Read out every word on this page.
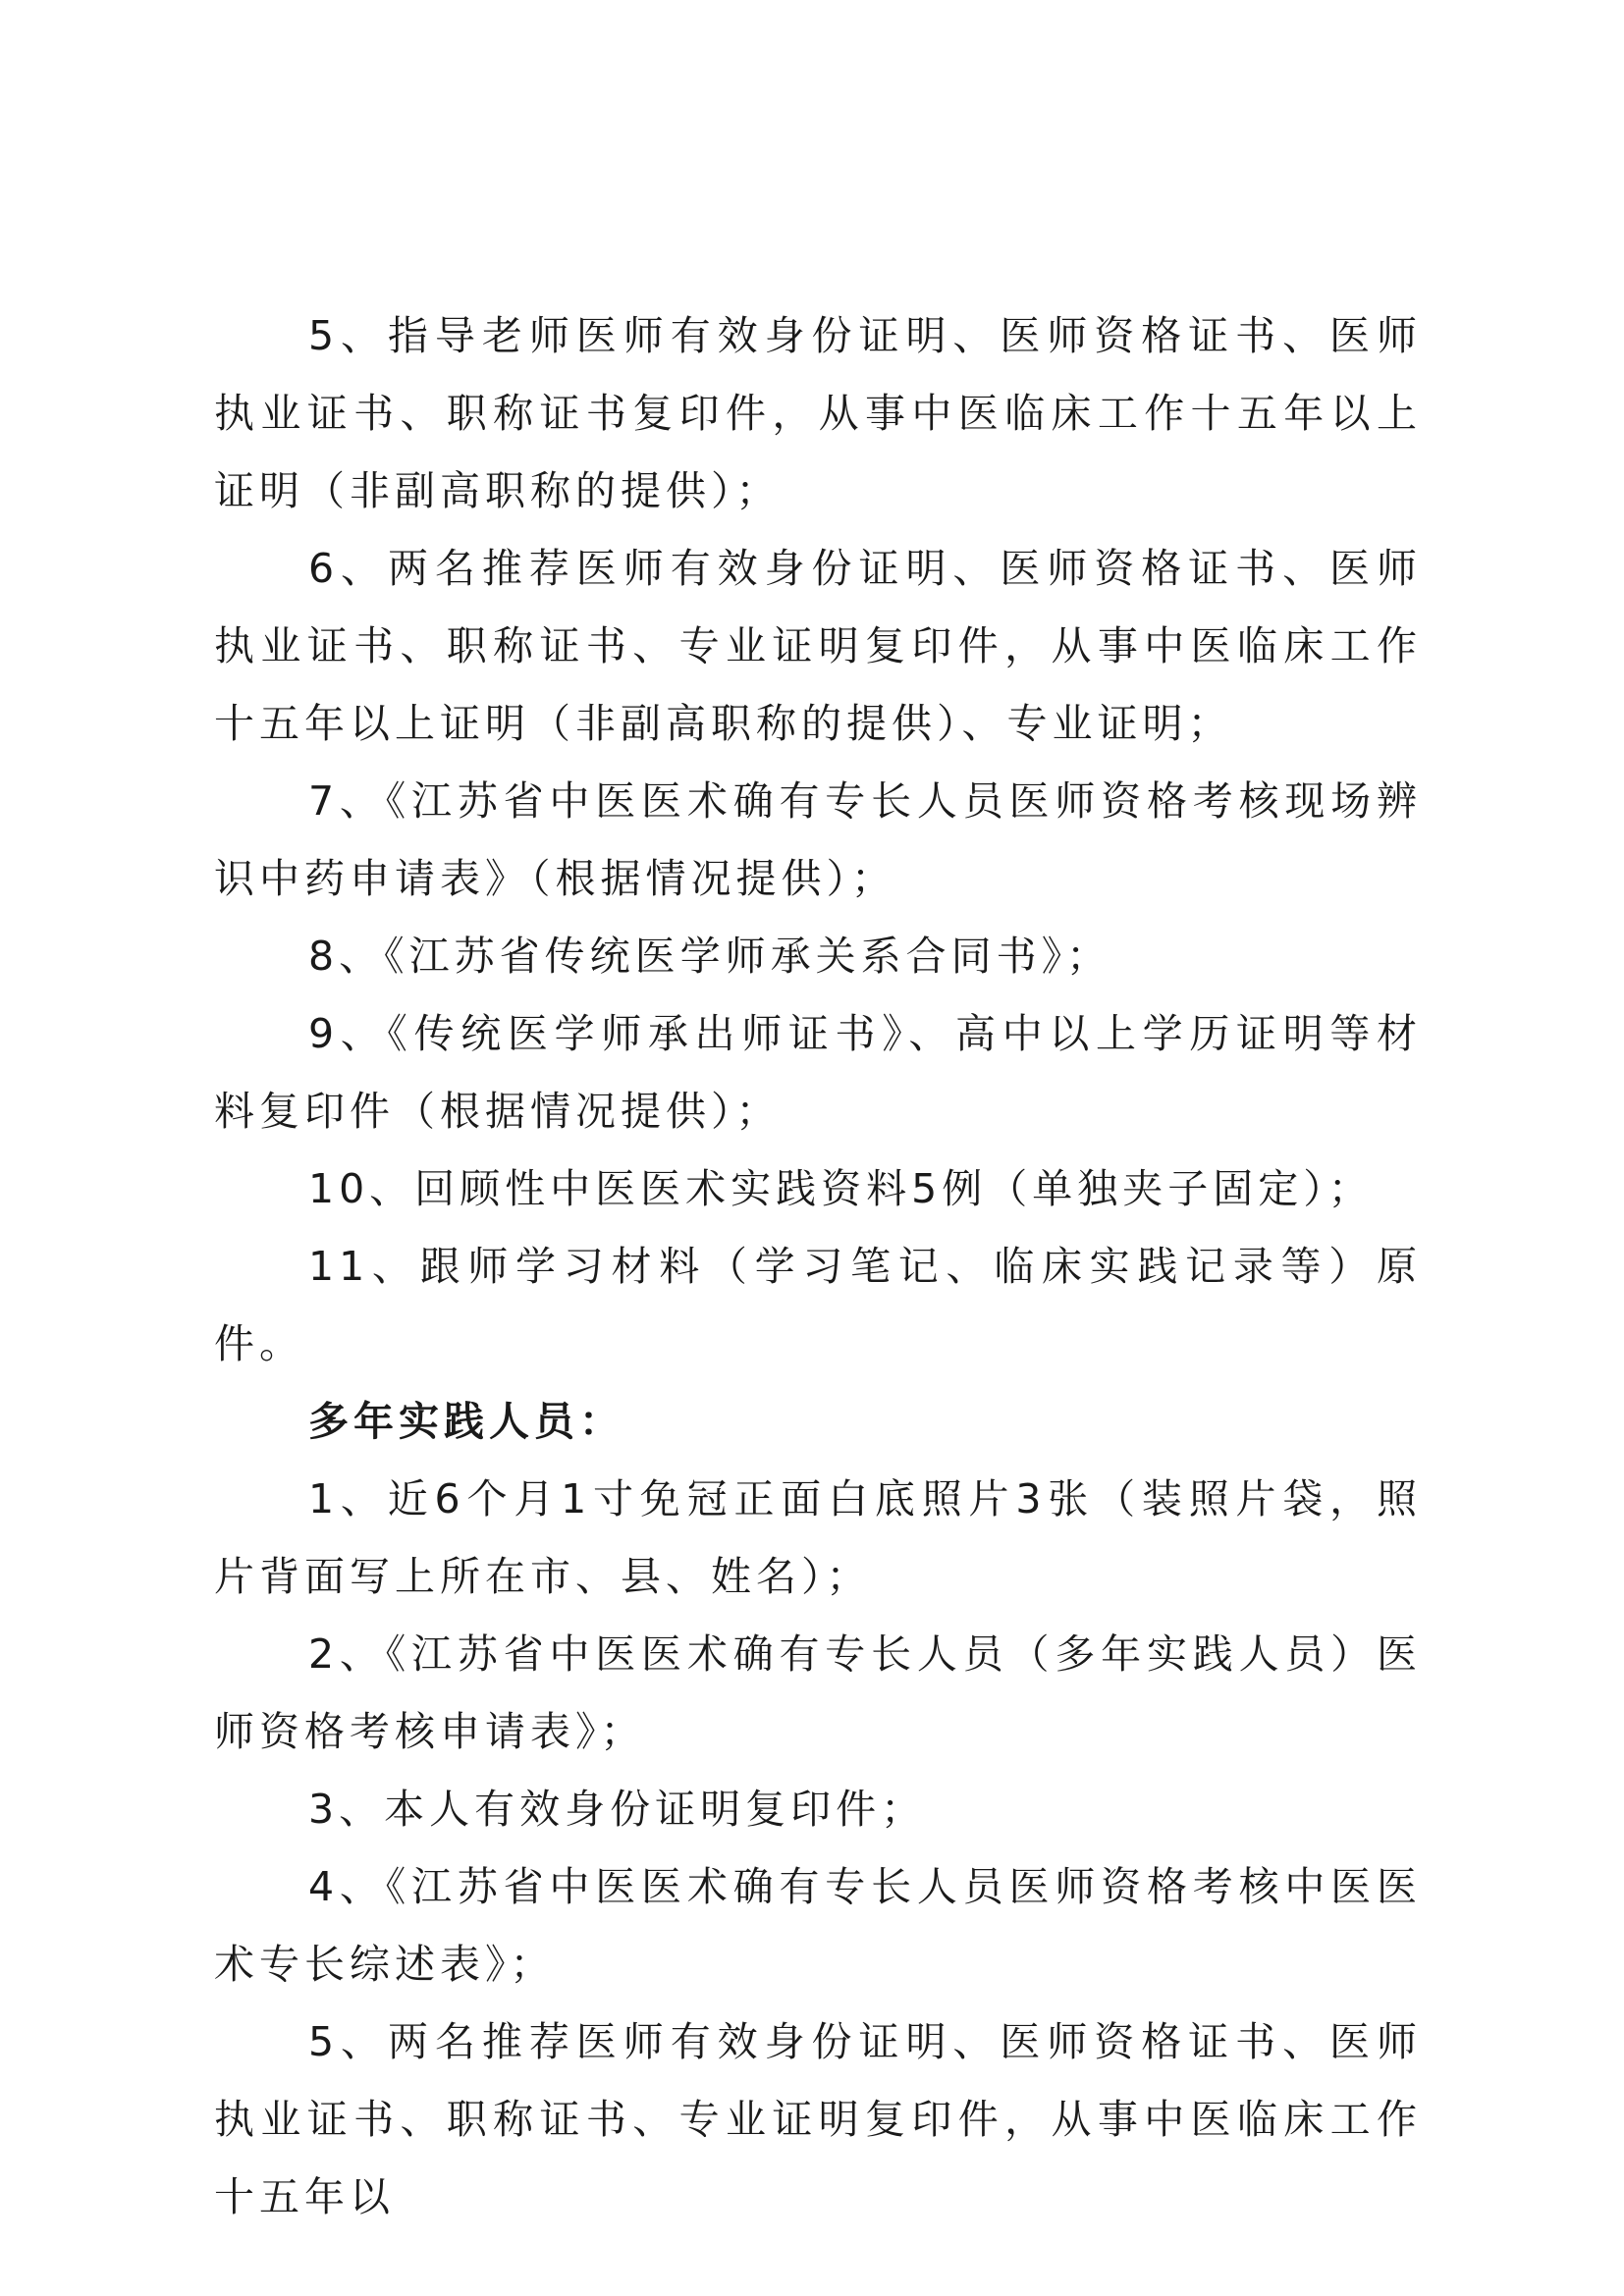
5、指导老师医师有效身份证明、医师资格证书、医师执业证书、职称证书复印件，从事中医临床工作十五年以上证明（非副高职称的提供）；

6、两名推荐医师有效身份证明、医师资格证书、医师执业证书、职称证书、专业证明复印件，从事中医临床工作十五年以上证明（非副高职称的提供）、专业证明；

7、《江苏省中医医术确有专长人员医师资格考核现场辨识中药申请表》（根据情况提供）；

8、《江苏省传统医学师承关系合同书》；

9、《传统医学师承出师证书》、高中以上学历证明等材料复印件（根据情况提供）；

10、回顾性中医医术实践资料5例（单独夹子固定）；

11、跟师学习材料（学习笔记、临床实践记录等）原件。

多年实践人员：

1、近6个月1寸免冠正面白底照片3张（装照片袋，照片背面写上所在市、县、姓名）；

2、《江苏省中医医术确有专长人员（多年实践人员）医师资格考核申请表》；

3、本人有效身份证明复印件；

4、《江苏省中医医术确有专长人员医师资格考核中医医术专长综述表》；

5、两名推荐医师有效身份证明、医师资格证书、医师执业证书、职称证书、专业证明复印件，从事中医临床工作十五年以
